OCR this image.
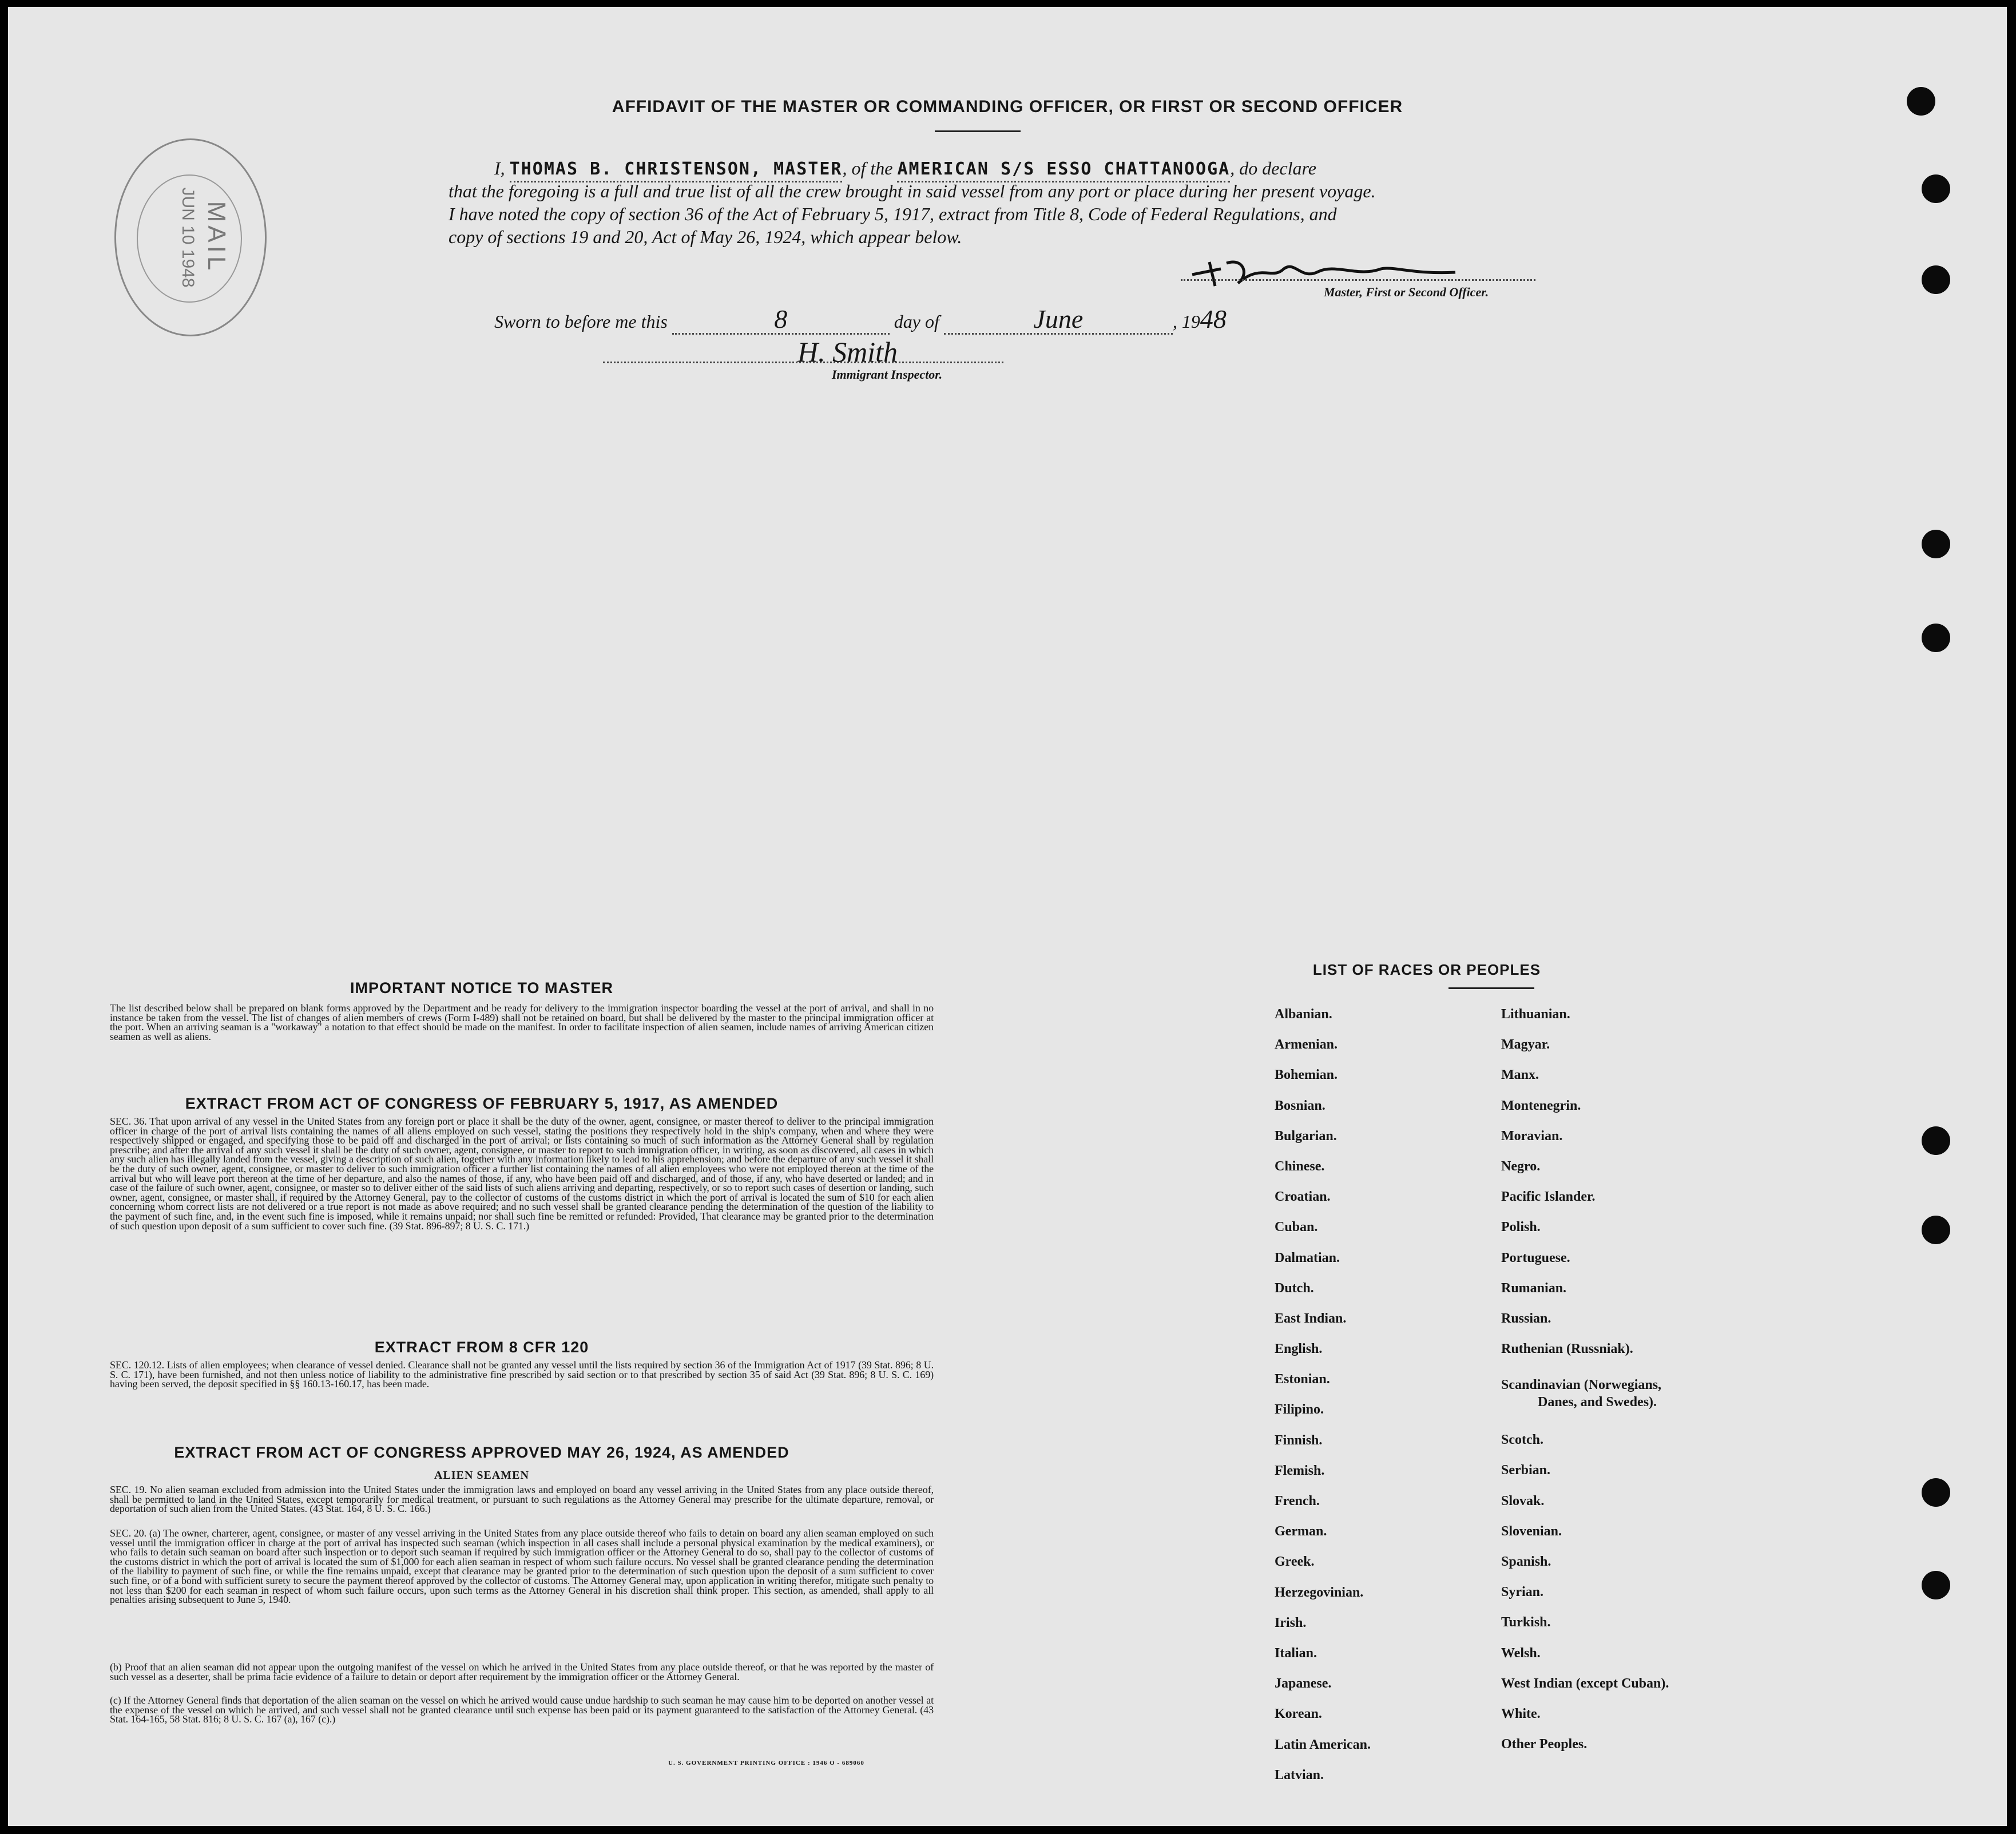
MAIL
JUN 10 1948
AFFIDAVIT OF THE MASTER OR COMMANDING OFFICER, OR FIRST OR SECOND OFFICER
I, THOMAS B. CHRISTENSON, MASTER, of the AMERICAN S/S ESSO CHATTANOOGA, do declare
that the foregoing is a full and true list of all the crew brought in said vessel from any port or place during her present voyage.
I have noted the copy of section 36 of the Act of February 5, 1917, extract from Title 8, Code of Federal Regulations, and
copy of sections 19 and 20, Act of May 26, 1924, which appear below.
Master, First or Second Officer.
Sworn to before me this	8	day of	June	, 1948
H. Smith
Immigrant Inspector.
IMPORTANT NOTICE TO MASTER
The list described below shall be prepared on blank forms approved by the Department and be ready for delivery to the immigration inspector boarding the vessel at the port of arrival, and shall in no instance be taken from the vessel. The list of changes of alien members of crews (Form I-489) shall not be retained on board, but shall be delivered by the master to the principal immigration officer at the port. When an arriving seaman is a "workaway" a notation to that effect should be made on the manifest. In order to facilitate inspection of alien seamen, include names of arriving American citizen seamen as well as aliens.
EXTRACT FROM ACT OF CONGRESS OF FEBRUARY 5, 1917, AS AMENDED
SEC. 36. That upon arrival of any vessel in the United States from any foreign port or place it shall be the duty of the owner, agent, consignee, or master thereof to deliver to the principal immigration officer in charge of the port of arrival lists containing the names of all aliens employed on such vessel, stating the positions they respectively hold in the ship's company, when and where they were respectively shipped or engaged, and specifying those to be paid off and discharged in the port of arrival; or lists containing so much of such information as the Attorney General shall by regulation prescribe; and after the arrival of any such vessel it shall be the duty of such owner, agent, consignee, or master to report to such immigration officer, in writing, as soon as discovered, all cases in which any such alien has illegally landed from the vessel, giving a description of such alien, together with any information likely to lead to his apprehension; and before the departure of any such vessel it shall be the duty of such owner, agent, consignee, or master to deliver to such immigration officer a further list containing the names of all alien employees who were not employed thereon at the time of the arrival but who will leave port thereon at the time of her departure, and also the names of those, if any, who have been paid off and discharged, and of those, if any, who have deserted or landed; and in case of the failure of such owner, agent, consignee, or master so to deliver either of the said lists of such aliens arriving and departing, respectively, or so to report such cases of desertion or landing, such owner, agent, consignee, or master shall, if required by the Attorney General, pay to the collector of customs of the customs district in which the port of arrival is located the sum of $10 for each alien concerning whom correct lists are not delivered or a true report is not made as above required; and no such vessel shall be granted clearance pending the determination of the question of the liability to the payment of such fine, and, in the event such fine is imposed, while it remains unpaid; nor shall such fine be remitted or refunded: Provided, That clearance may be granted prior to the determination of such question upon deposit of a sum sufficient to cover such fine. (39 Stat. 896-897; 8 U. S. C. 171.)
EXTRACT FROM 8 CFR 120
SEC. 120.12. Lists of alien employees; when clearance of vessel denied. Clearance shall not be granted any vessel until the lists required by section 36 of the Immigration Act of 1917 (39 Stat. 896; 8 U. S. C. 171), have been furnished, and not then unless notice of liability to the administrative fine prescribed by said section or to that prescribed by section 35 of said Act (39 Stat. 896; 8 U. S. C. 169) having been served, the deposit specified in §§ 160.13-160.17, has been made.
EXTRACT FROM ACT OF CONGRESS APPROVED MAY 26, 1924, AS AMENDED
ALIEN SEAMEN
SEC. 19. No alien seaman excluded from admission into the United States under the immigration laws and employed on board any vessel arriving in the United States from any place outside thereof, shall be permitted to land in the United States, except temporarily for medical treatment, or pursuant to such regulations as the Attorney General may prescribe for the ultimate departure, removal, or deportation of such alien from the United States. (43 Stat. 164, 8 U. S. C. 166.)
SEC. 20. (a) The owner, charterer, agent, consignee, or master of any vessel arriving in the United States from any place outside thereof who fails to detain on board any alien seaman employed on such vessel until the immigration officer in charge at the port of arrival has inspected such seaman (which inspection in all cases shall include a personal physical examination by the medical examiners), or who fails to detain such seaman on board after such inspection or to deport such seaman if required by such immigration officer or the Attorney General to do so, shall pay to the collector of customs of the customs district in which the port of arrival is located the sum of $1,000 for each alien seaman in respect of whom such failure occurs. No vessel shall be granted clearance pending the determination of the liability to payment of such fine, or while the fine remains unpaid, except that clearance may be granted prior to the determination of such question upon the deposit of a sum sufficient to cover such fine, or of a bond with sufficient surety to secure the payment thereof approved by the collector of customs. The Attorney General may, upon application in writing therefor, mitigate such penalty to not less than $200 for each seaman in respect of whom such failure occurs, upon such terms as the Attorney General in his discretion shall think proper. This section, as amended, shall apply to all penalties arising subsequent to June 5, 1940.
(b) Proof that an alien seaman did not appear upon the outgoing manifest of the vessel on which he arrived in the United States from any place outside thereof, or that he was reported by the master of such vessel as a deserter, shall be prima facie evidence of a failure to detain or deport after requirement by the immigration officer or the Attorney General.
(c) If the Attorney General finds that deportation of the alien seaman on the vessel on which he arrived would cause undue hardship to such seaman he may cause him to be deported on another vessel at the expense of the vessel on which he arrived, and such vessel shall not be granted clearance until such expense has been paid or its payment guaranteed to the satisfaction of the Attorney General. (43 Stat. 164-165, 58 Stat. 816; 8 U. S. C. 167 (a), 167 (c).)
U. S. GOVERNMENT PRINTING OFFICE : 1946 O - 689060
LIST OF RACES OR PEOPLES
Albanian.
Armenian.
Bohemian.
Bosnian.
Bulgarian.
Chinese.
Croatian.
Cuban.
Dalmatian.
Dutch.
East Indian.
English.
Estonian.
Filipino.
Finnish.
Flemish.
French.
German.
Greek.
Herzegovinian.
Irish.
Italian.
Japanese.
Korean.
Latin American.
Latvian.
Lithuanian.
Magyar.
Manx.
Montenegrin.
Moravian.
Negro.
Pacific Islander.
Polish.
Portuguese.
Rumanian.
Russian.
Ruthenian (Russniak).
Scandinavian (Norwegians,
Danes, and Swedes).
Scotch.
Serbian.
Slovak.
Slovenian.
Spanish.
Syrian.
Turkish.
Welsh.
West Indian (except Cuban).
White.
Other Peoples.
